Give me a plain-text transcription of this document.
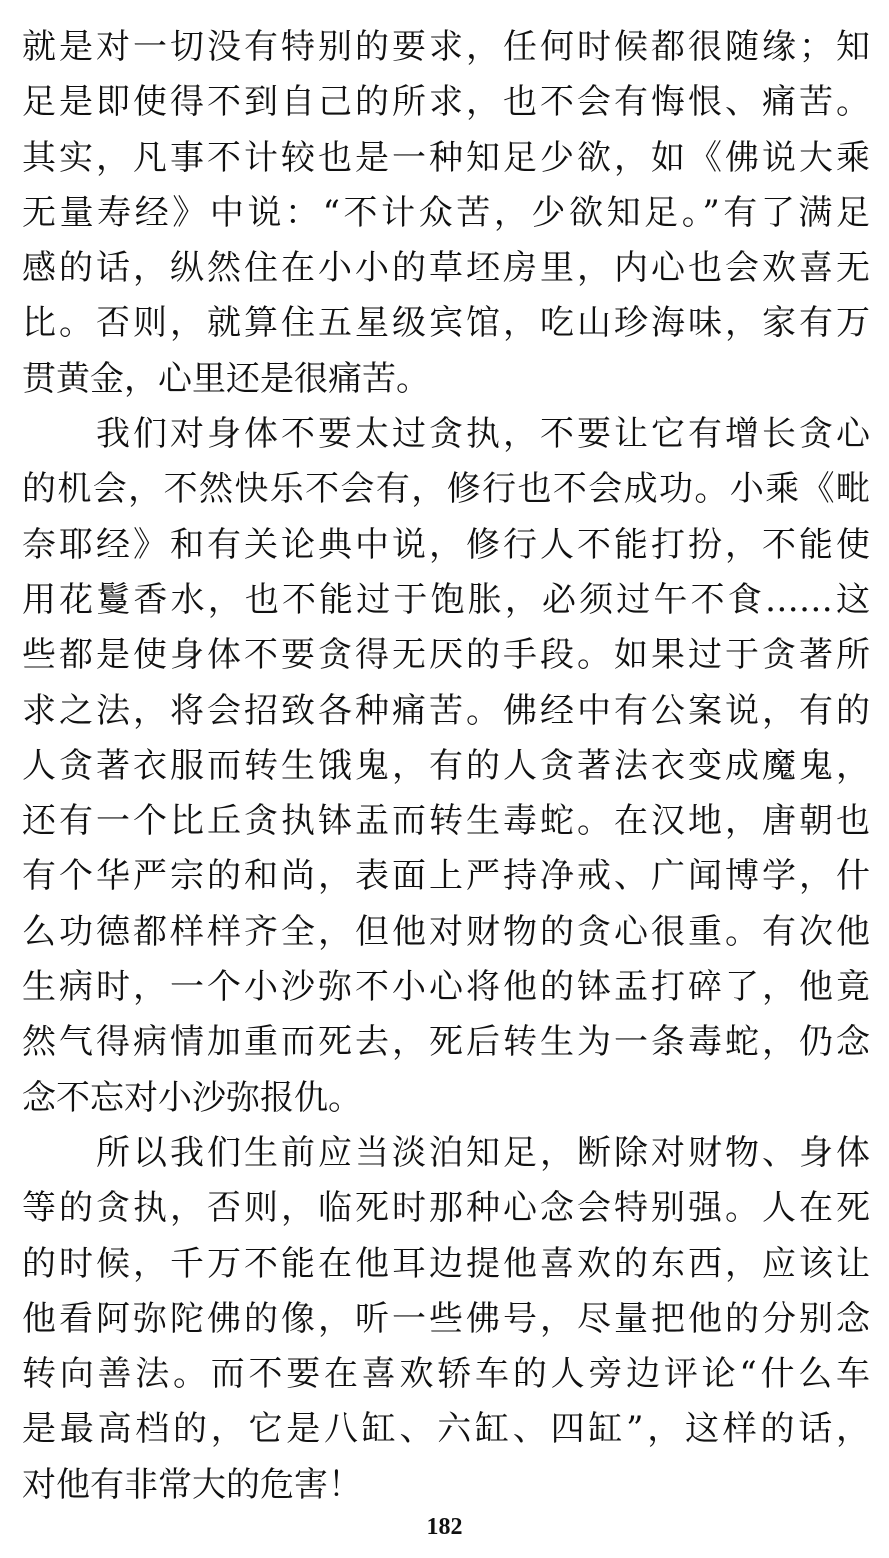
就是对一切没有特别的要求，任何时候都很随缘；知
足是即使得不到自己的所求，也不会有悔恨、痛苦。
其实，凡事不计较也是一种知足少欲，如《佛说大乘
无量寿经》中说：“不计众苦，少欲知足。”有了满足
感的话，纵然住在小小的草坯房里，内心也会欢喜无
比。否则，就算住五星级宾馆，吃山珍海味，家有万
贯黄金，心里还是很痛苦。
我们对身体不要太过贪执，不要让它有增长贪心
的机会，不然快乐不会有，修行也不会成功。小乘《毗
奈耶经》和有关论典中说，修行人不能打扮，不能使
用花鬘香水，也不能过于饱胀，必须过午不食……这
些都是使身体不要贪得无厌的手段。如果过于贪著所
求之法，将会招致各种痛苦。佛经中有公案说，有的
人贪著衣服而转生饿鬼，有的人贪著法衣变成魔鬼，
还有一个比丘贪执钵盂而转生毒蛇。在汉地，唐朝也
有个华严宗的和尚，表面上严持净戒、广闻博学，什
么功德都样样齐全，但他对财物的贪心很重。有次他
生病时，一个小沙弥不小心将他的钵盂打碎了，他竟
然气得病情加重而死去，死后转生为一条毒蛇，仍念
念不忘对小沙弥报仇。
所以我们生前应当淡泊知足，断除对财物、身体
等的贪执，否则，临死时那种心念会特别强。人在死
的时候，千万不能在他耳边提他喜欢的东西，应该让
他看阿弥陀佛的像，听一些佛号，尽量把他的分别念
转向善法。而不要在喜欢轿车的人旁边评论“什么车
是最高档的，它是八缸、六缸、四缸”，这样的话，
对他有非常大的危害！
182
